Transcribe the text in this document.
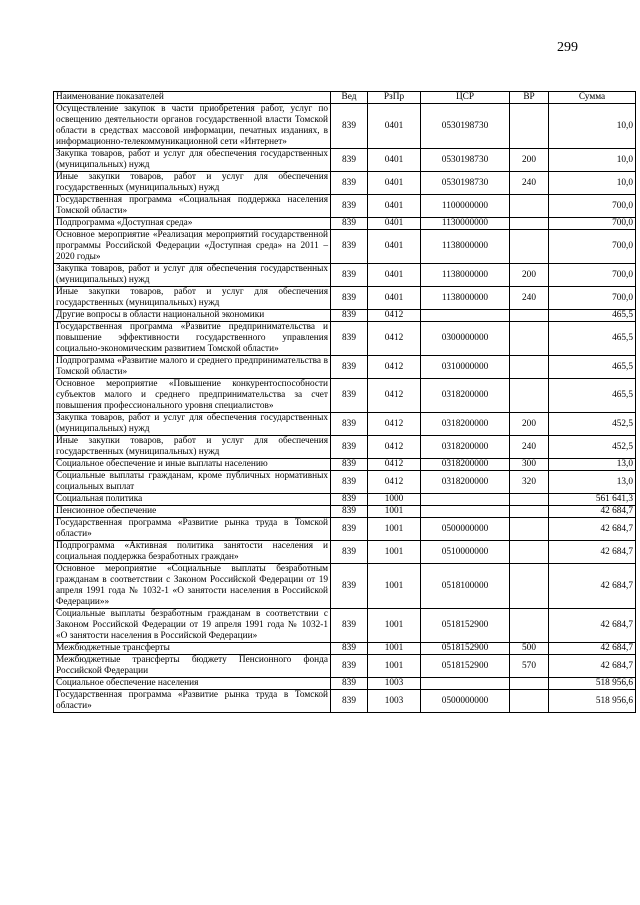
299
Наименование показателей	Вед	РзПр	ЦСР	ВР	Сумма
Осуществление закупок в части приобретения работ, услуг по освещению деятельности органов государственной власти Томской области в средствах массовой информации, печатных изданиях, в информационно-телекоммуникационной сети «Интернет»	839	0401	0530198730		10,0
Закупка товаров, работ и услуг для обеспечения государственных (муниципальных) нужд	839	0401	0530198730	200	10,0
Иные закупки товаров, работ и услуг для обеспечения государственных (муниципальных) нужд	839	0401	0530198730	240	10,0
Государственная программа «Социальная поддержка населения Томской области»	839	0401	1100000000		700,0
Подпрограмма «Доступная среда»	839	0401	1130000000		700,0
Основное мероприятие «Реализация мероприятий государственной программы Российской Федерации «Доступная среда» на 2011 – 2020 годы»	839	0401	1138000000		700,0
Закупка товаров, работ и услуг для обеспечения государственных (муниципальных) нужд	839	0401	1138000000	200	700,0
Иные закупки товаров, работ и услуг для обеспечения государственных (муниципальных) нужд	839	0401	1138000000	240	700,0
Другие вопросы в области национальной экономики	839	0412			465,5
Государственная программа «Развитие предпринимательства и повышение эффективности государственного управления социально-экономическим развитием Томской области»	839	0412	0300000000		465,5
Подпрограмма «Развитие малого и среднего предпринимательства в Томской области»	839	0412	0310000000		465,5
Основное мероприятие «Повышение конкурентоспособности субъектов малого и среднего предпринимательства за счет повышения профессионального уровня специалистов»	839	0412	0318200000		465,5
Закупка товаров, работ и услуг для обеспечения государственных (муниципальных) нужд	839	0412	0318200000	200	452,5
Иные закупки товаров, работ и услуг для обеспечения государственных (муниципальных) нужд	839	0412	0318200000	240	452,5
Социальное обеспечение и иные выплаты населению	839	0412	0318200000	300	13,0
Социальные выплаты гражданам, кроме публичных нормативных социальных выплат	839	0412	0318200000	320	13,0
Социальная политика	839	1000			561 641,3
Пенсионное обеспечение	839	1001			42 684,7
Государственная программа «Развитие рынка труда в Томской области»	839	1001	0500000000		42 684,7
Подпрограмма «Активная политика занятости населения и социальная поддержка безработных граждан»	839	1001	0510000000		42 684,7
Основное мероприятие «Социальные выплаты безработным гражданам в соответствии с Законом Российской Федерации от 19 апреля 1991 года № 1032-1 «О занятости населения в Российской Федерации»»	839	1001	0518100000		42 684,7
Социальные выплаты безработным гражданам в соответствии с Законом Российской Федерации от 19 апреля 1991 года № 1032-1 «О занятости населения в Российской Федерации»	839	1001	0518152900		42 684,7
Межбюджетные трансферты	839	1001	0518152900	500	42 684,7
Межбюджетные трансферты бюджету Пенсионного фонда Российской Федерации	839	1001	0518152900	570	42 684,7
Социальное обеспечение населения	839	1003			518 956,6
Государственная программа «Развитие рынка труда в Томской области»	839	1003	0500000000		518 956,6
